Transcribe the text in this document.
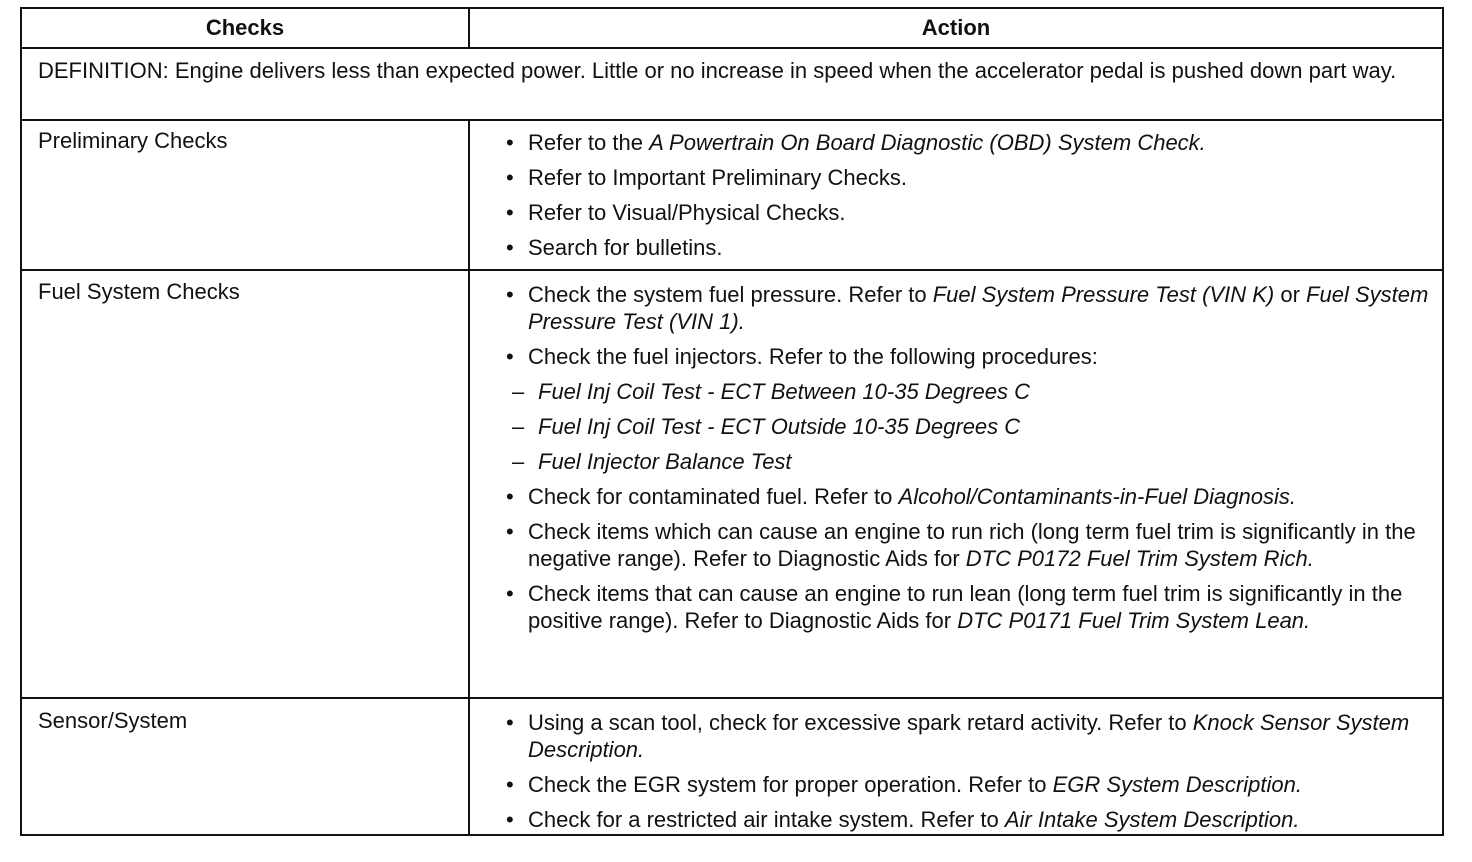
Checks	Action
DEFINITION: Engine delivers less than expected power. Little or no increase in speed when the accelerator pedal is pushed down part way.
Preliminary Checks	• Refer to the A Powertrain On Board Diagnostic (OBD) System Check.
• Refer to Important Preliminary Checks.
• Refer to Visual/Physical Checks.
• Search for bulletins.
Fuel System Checks	• Check the system fuel pressure. Refer to Fuel System Pressure Test (VIN K) or Fuel System Pressure Test (VIN 1).
• Check the fuel injectors. Refer to the following procedures:
– Fuel Inj Coil Test - ECT Between 10-35 Degrees C
– Fuel Inj Coil Test - ECT Outside 10-35 Degrees C
– Fuel Injector Balance Test
• Check for contaminated fuel. Refer to Alcohol/Contaminants-in-Fuel Diagnosis.
• Check items which can cause an engine to run rich (long term fuel trim is significantly in the negative range). Refer to Diagnostic Aids for DTC P0172 Fuel Trim System Rich.
• Check items that can cause an engine to run lean (long term fuel trim is significantly in the positive range). Refer to Diagnostic Aids for DTC P0171 Fuel Trim System Lean.
Sensor/System	• Using a scan tool, check for excessive spark retard activity. Refer to Knock Sensor System Description.
• Check the EGR system for proper operation. Refer to EGR System Description.
• Check for a restricted air intake system. Refer to Air Intake System Description.
